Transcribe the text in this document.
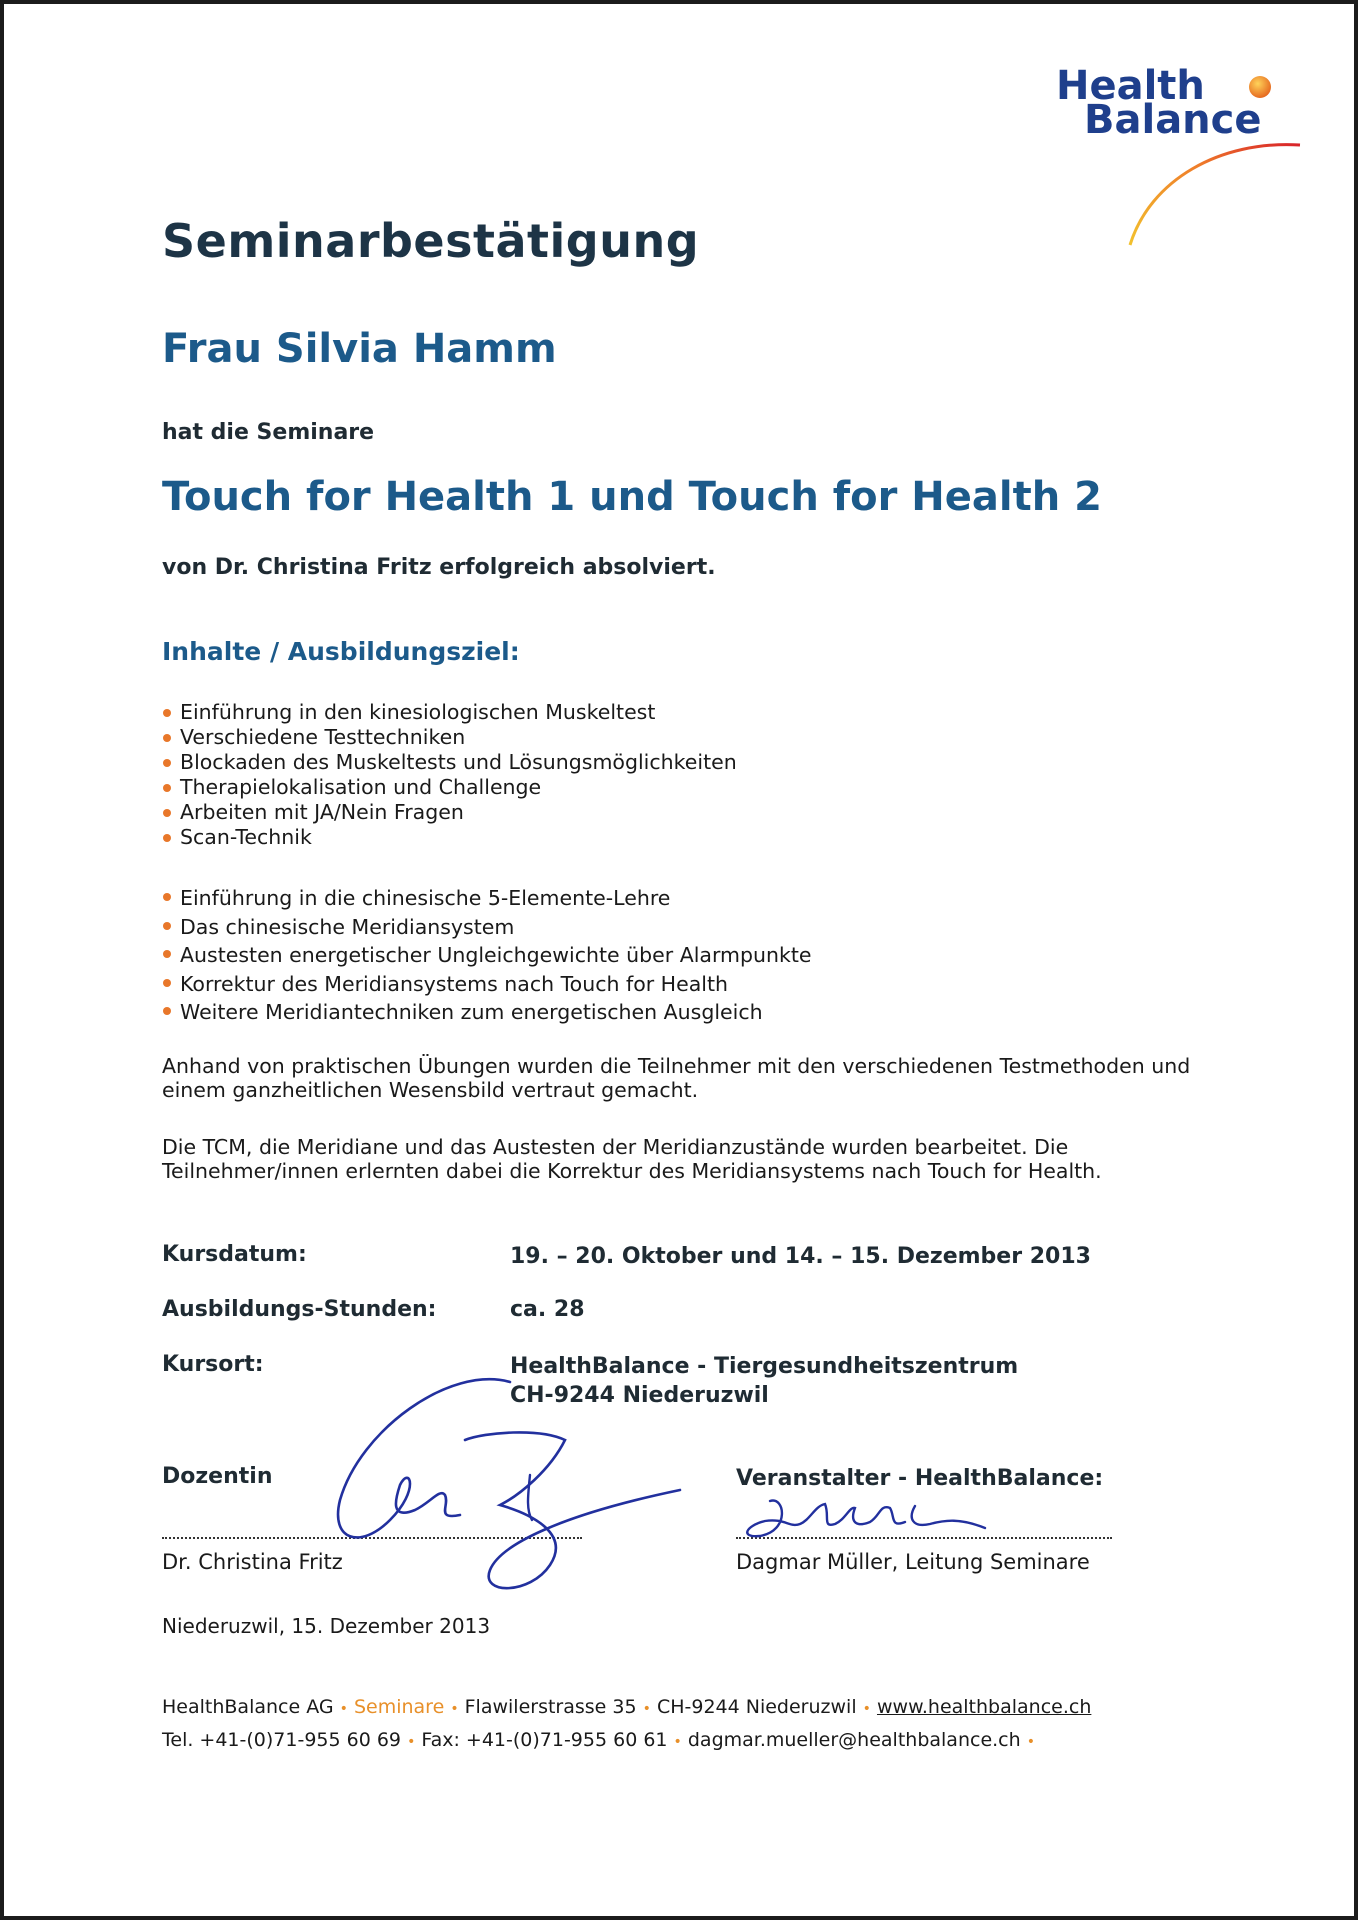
Health
Balance
Seminarbestätigung
Frau Silvia Hamm
hat die Seminare
Touch for Health 1 und Touch for Health 2
von Dr. Christina Fritz erfolgreich absolviert.
Inhalte / Ausbildungsziel:
Einführung in den kinesiologischen Muskeltest
Verschiedene Testtechniken
Blockaden des Muskeltests und Lösungsmöglichkeiten
Therapielokalisation und Challenge
Arbeiten mit JA/Nein Fragen
Scan-Technik
Einführung in die chinesische 5-Elemente-Lehre
Das chinesische Meridiansystem
Austesten energetischer Ungleichgewichte über Alarmpunkte
Korrektur des Meridiansystems nach Touch for Health
Weitere Meridiantechniken zum energetischen Ausgleich
Anhand von praktischen Übungen wurden die Teilnehmer mit den verschiedenen Testmethoden und
einem ganzheitlichen Wesensbild vertraut gemacht.
Die TCM, die Meridiane und das Austesten der Meridianzustände wurden bearbeitet. Die
Teilnehmer/innen erlernten dabei die Korrektur des Meridiansystems nach Touch for Health.
Kursdatum:	19. – 20. Oktober und 14. – 15. Dezember 2013
Ausbildungs-Stunden:	ca. 28
Kursort:	HealthBalance - Tiergesundheitszentrum
CH-9244 Niederuzwil
Dozentin	Veranstalter - HealthBalance:
Dr. Christina Fritz	Dagmar Müller, Leitung Seminare
Niederuzwil, 15. Dezember 2013
HealthBalance AG • Seminare • Flawilerstrasse 35 • CH-9244 Niederuzwil • www.healthbalance.ch
Tel. +41-(0)71-955 60 69 • Fax: +41-(0)71-955 60 61 • dagmar.mueller@healthbalance.ch •
